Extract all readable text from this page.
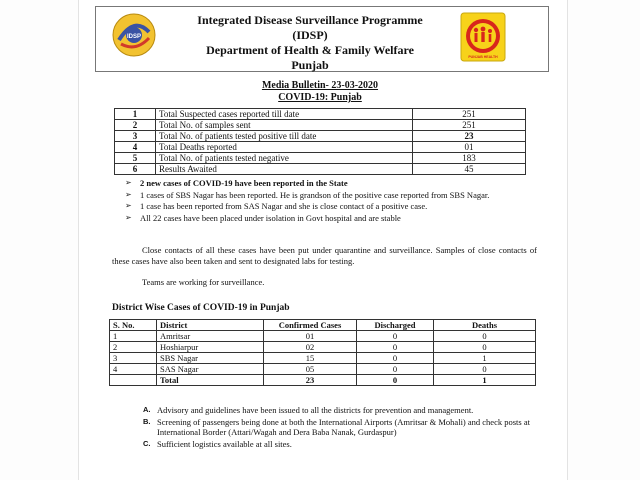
IDSP
Integrated Disease Surveillance Programme
(IDSP)
Department of Health & Family Welfare
Punjab
PUNJAB HEALTH
Media Bulletin- 23-03-2020
COVID-19: Punjab
1	Total Suspected cases reported till date	251
2	Total No. of samples sent	251
3	Total No. of patients tested positive till date	23
4	Total Deaths reported	01
5	Total No. of patients tested negative	183
6	Results Awaited	45
➢ 2 new cases of COVID-19 have been reported in the State
➢ 1 cases of SBS Nagar has been reported. He is grandson of the positive case reported from SBS Nagar.
➢ 1 case has been reported from SAS Nagar and she is close contact of a positive case.
➢ All 22 cases have been placed under isolation in Govt hospital and are stable

Close contacts of all these cases have been put under quarantine and surveillance. Samples of close contacts of these cases have also been taken and sent to designated labs for testing.

Teams are working for surveillance.

District Wise Cases of COVID-19 in Punjab
S. No.	District	Confirmed Cases	Discharged	Deaths
1	Amritsar	01	0	0
2	Hoshiarpur	02	0	0
3	SBS Nagar	15	0	1
4	SAS Nagar	05	0	0
	Total	23	0	1
A. Advisory and guidelines have been issued to all the districts for prevention and management.
B. Screening of passengers being done at both the International Airports (Amritsar & Mohali) and check posts at International Border (Attari/Wagah and Dera Baba Nanak, Gurdaspur)
C. Sufficient logistics available at all sites.
